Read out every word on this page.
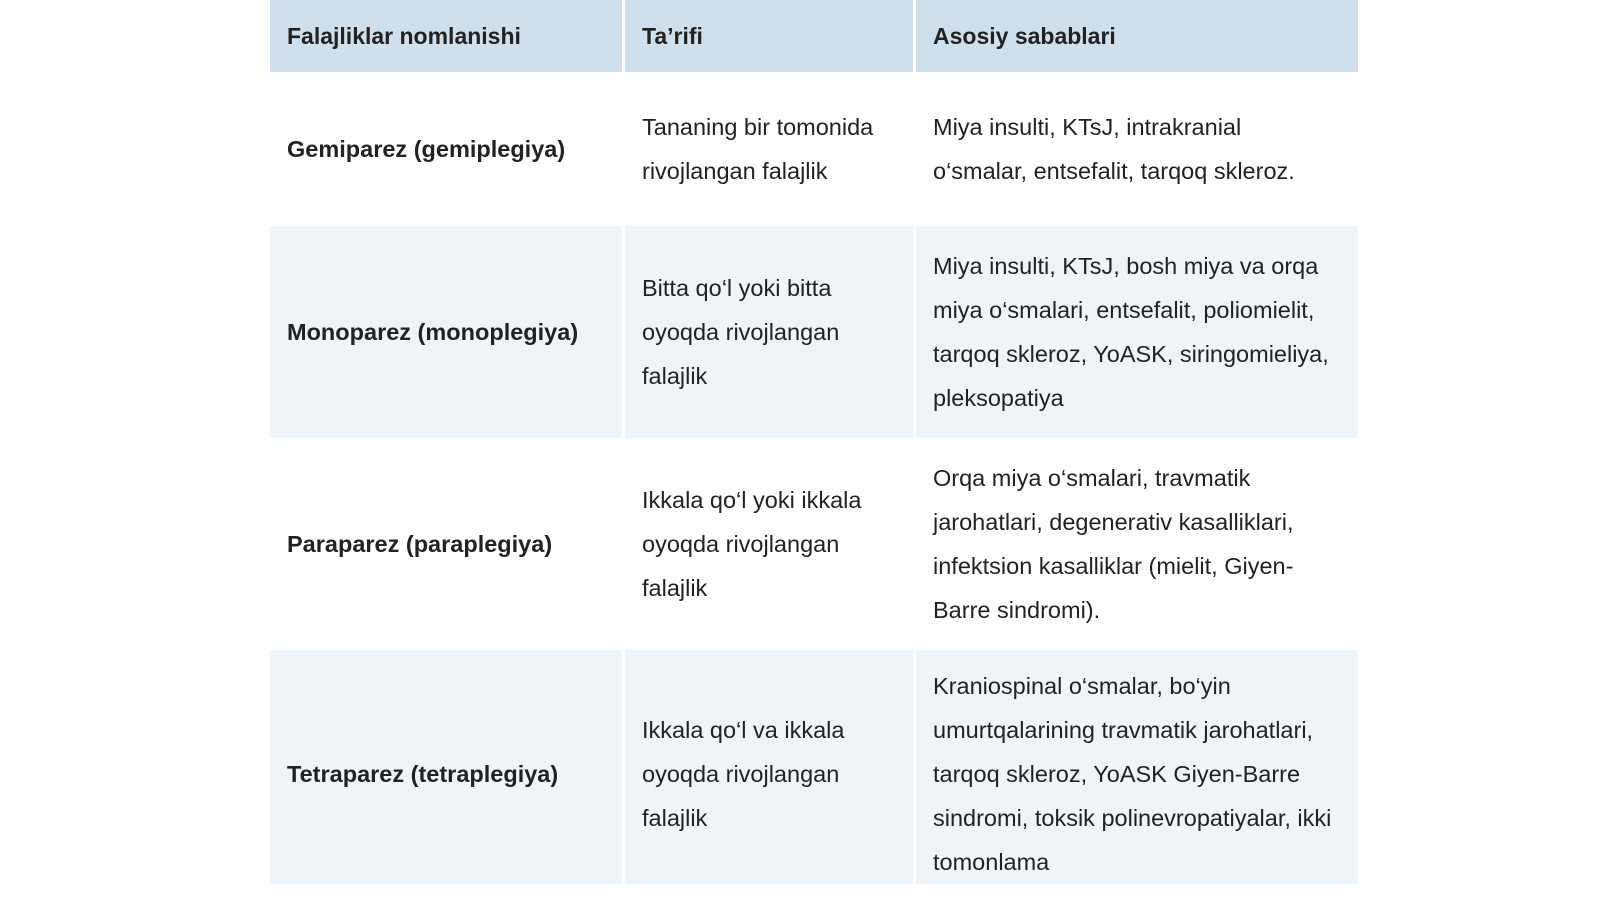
Falajliklar nomlanishi	Ta’rifi	Asosiy sabablari
Gemiparez (gemiplegiya)	Tananing bir tomonida rivojlangan falajlik	Miya insulti, KTsJ, intrakranial o‘smalar, entsefalit, tarqoq skleroz.
Monoparez (monoplegiya)	Bitta qo‘l yoki bitta oyoqda rivojlangan falajlik	Miya insulti, KTsJ, bosh miya va orqa miya o‘smalari, entsefalit, poliomielit, tarqoq skleroz, YoASK, siringomieliya, pleksopatiya
Paraparez (paraplegiya)	Ikkala qo‘l yoki ikkala oyoqda rivojlangan falajlik	Orqa miya o‘smalari, travmatik jarohatlari, degenerativ kasalliklari, infektsion kasalliklar (mielit, Giyen-Barre sindromi).
Tetraparez (tetraplegiya)	Ikkala qo‘l va ikkala oyoqda rivojlangan falajlik	Kraniospinal o‘smalar, bo‘yin umurtqalarining travmatik jarohatlari, tarqoq skleroz, YoASK Giyen-Barre sindromi, toksik polinevropatiyalar, ikki tomonlama
